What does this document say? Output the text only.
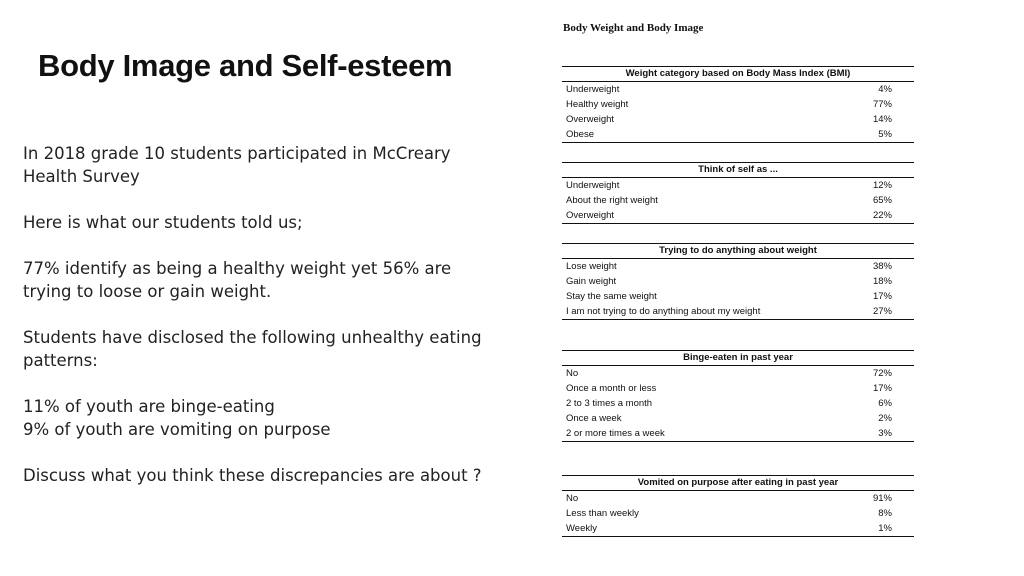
Body Image and Self-esteem

In 2018 grade 10 students participated in McCreary
Health Survey

Here is what our students told us;

77% identify as being a healthy weight yet 56% are
trying to loose or gain weight.

Students have disclosed the following unhealthy eating
patterns:

11% of youth are binge-eating
9% of youth are vomiting on purpose

Discuss what you think these discrepancies are about ?

Body Weight and Body Image
Weight category based on Body Mass Index (BMI)
Underweight	4%
Healthy weight	77%
Overweight	14%
Obese	5%
Think of self as ...
Underweight	12%
About the right weight	65%
Overweight	22%
Trying to do anything about weight
Lose weight	38%
Gain weight	18%
Stay the same weight	17%
I am not trying to do anything about my weight	27%
Binge-eaten in past year
No	72%
Once a month or less	17%
2 to 3 times a month	6%
Once a week	2%
2 or more times a week	3%
Vomited on purpose after eating in past year
No	91%
Less than weekly	8%
Weekly	1%
